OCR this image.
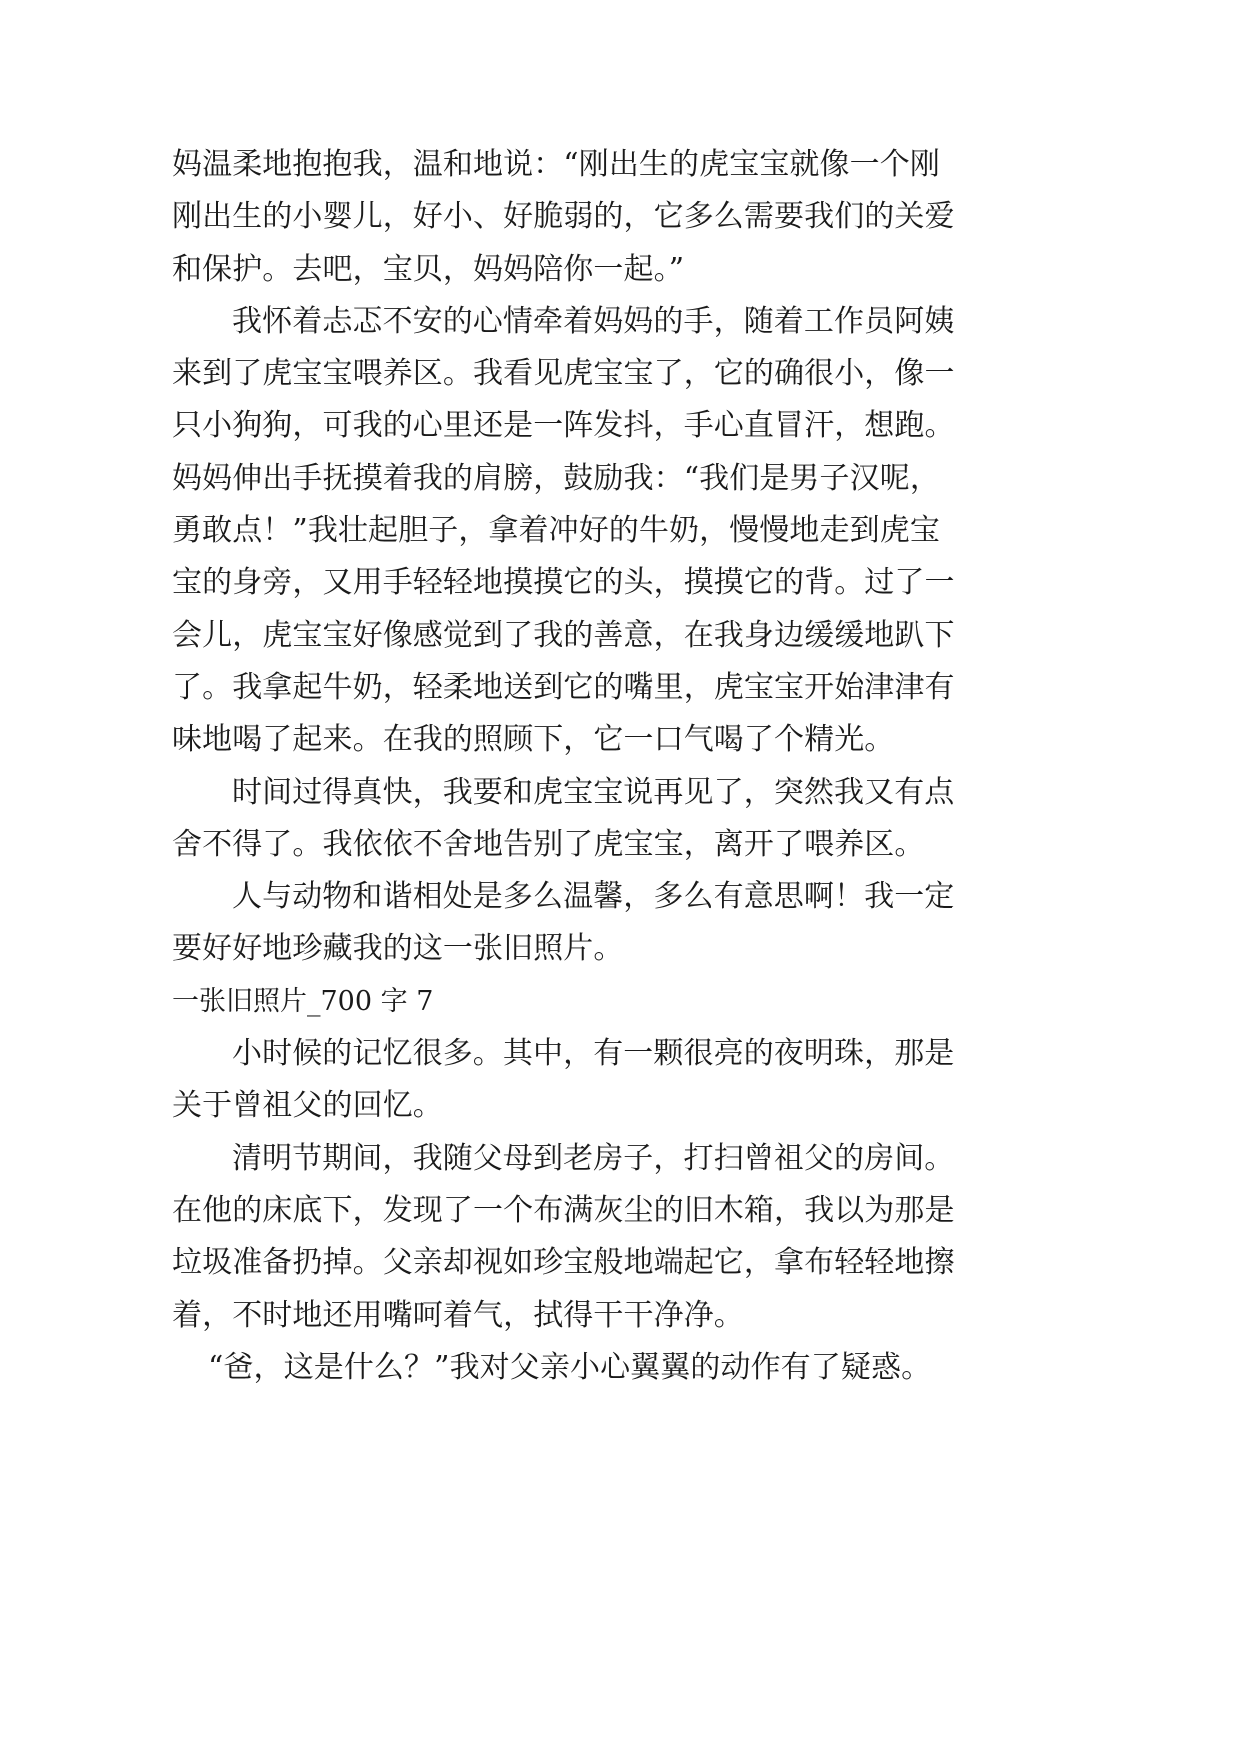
妈温柔地抱抱我，温和地说：“刚出生的虎宝宝就像一个刚
刚出生的小婴儿，好小、好脆弱的，它多么需要我们的关爱
和保护。去吧，宝贝，妈妈陪你一起。”
我怀着忐忑不安的心情牵着妈妈的手，随着工作员阿姨
来到了虎宝宝喂养区。我看见虎宝宝了，它的确很小，像一
只小狗狗，可我的心里还是一阵发抖，手心直冒汗，想跑。
妈妈伸出手抚摸着我的肩膀，鼓励我：“我们是男子汉呢，
勇敢点！”我壮起胆子，拿着冲好的牛奶，慢慢地走到虎宝
宝的身旁，又用手轻轻地摸摸它的头，摸摸它的背。过了一
会儿，虎宝宝好像感觉到了我的善意，在我身边缓缓地趴下
了。我拿起牛奶，轻柔地送到它的嘴里，虎宝宝开始津津有
味地喝了起来。在我的照顾下，它一口气喝了个精光。
时间过得真快，我要和虎宝宝说再见了，突然我又有点
舍不得了。我依依不舍地告别了虎宝宝，离开了喂养区。
人与动物和谐相处是多么温馨，多么有意思啊！我一定
要好好地珍藏我的这一张旧照片。
一张旧照片_700 字 7
小时候的记忆很多。其中，有一颗很亮的夜明珠，那是
关于曾祖父的回忆。
清明节期间，我随父母到老房子，打扫曾祖父的房间。
在他的床底下，发现了一个布满灰尘的旧木箱，我以为那是
垃圾准备扔掉。父亲却视如珍宝般地端起它，拿布轻轻地擦
着，不时地还用嘴呵着气，拭得干干净净。
“爸，这是什么？”我对父亲小心翼翼的动作有了疑惑。
